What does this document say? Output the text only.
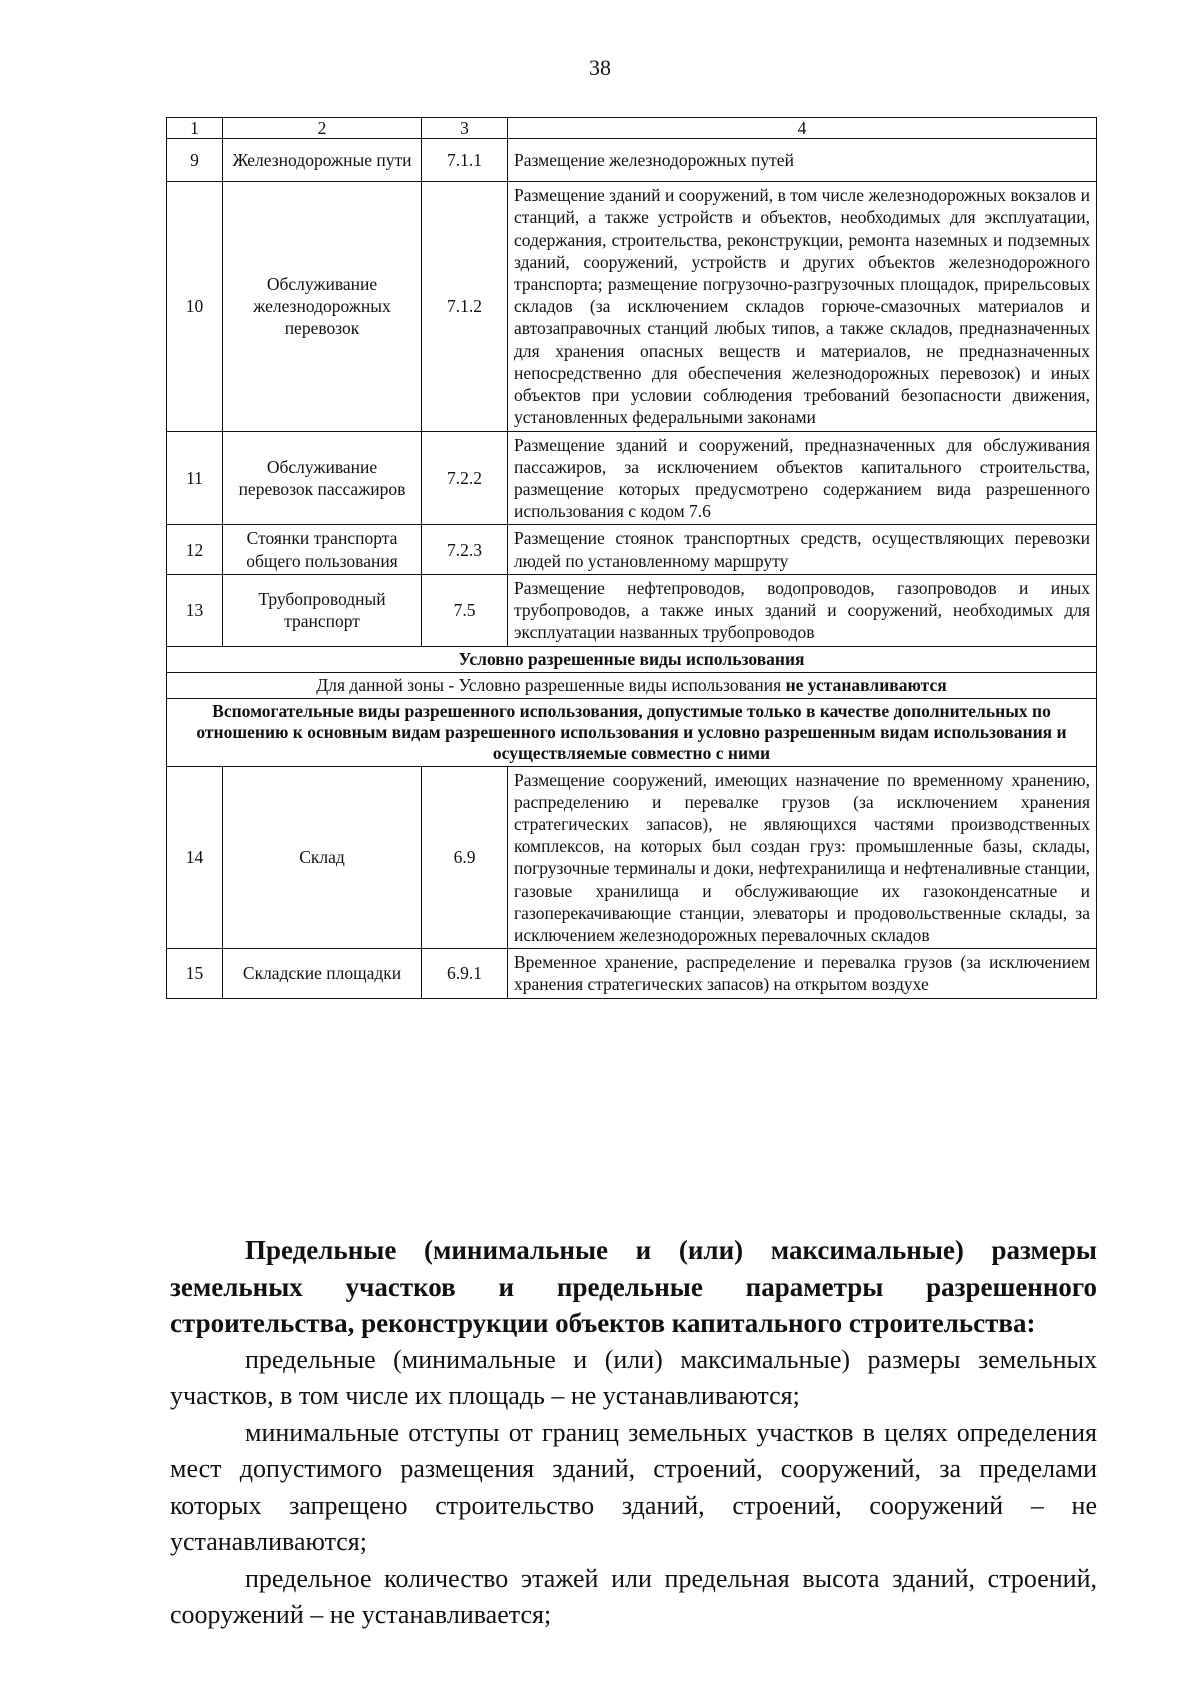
38
1	2	3	4
9	Железнодорожные пути	7.1.1	Размещение железнодорожных путей
10	Обслуживание железнодорожных перевозок	7.1.2	Размещение зданий и сооружений, в том числе железнодорожных вокзалов и станций, а также устройств и объектов, необходимых для эксплуатации, содержания, строительства, реконструкции, ремонта наземных и подземных зданий, сооружений, устройств и других объектов железнодорожного транспорта; размещение погрузочно-разгрузочных площадок, прирельсовых складов (за исключением складов горюче-смазочных материалов и автозаправочных станций любых типов, а также складов, предназначенных для хранения опасных веществ и материалов, не предназначенных непосредственно для обеспечения железнодорожных перевозок) и иных объектов при условии соблюдения требований безопасности движения, установленных федеральными законами
11	Обслуживание перевозок пассажиров	7.2.2	Размещение зданий и сооружений, предназначенных для обслуживания пассажиров, за исключением объектов капитального строительства, размещение которых предусмотрено содержанием вида разрешенного использования с кодом 7.6
12	Стоянки транспорта общего пользования	7.2.3	Размещение стоянок транспортных средств, осуществляющих перевозки людей по установленному маршруту
13	Трубопроводный транспорт	7.5	Размещение нефтепроводов, водопроводов, газопроводов и иных трубопроводов, а также иных зданий и сооружений, необходимых для эксплуатации названных трубопроводов
Условно разрешенные виды использования			
Для данной зоны - Условно разрешенные виды использования не устанавливаются			
Вспомогательные виды разрешенного использования, допустимые только в качестве дополнительных по отношению к основным видам разрешенного использования и условно разрешенным видам использования и осуществляемые совместно с ними			
14	Склад	6.9	Размещение сооружений, имеющих назначение по временному хранению, распределению и перевалке грузов (за исключением хранения стратегических запасов), не являющихся частями производственных комплексов, на которых был создан груз: промышленные базы, склады, погрузочные терминалы и доки, нефтехранилища и нефтеналивные станции, газовые хранилища и обслуживающие их газоконденсатные и газоперекачивающие станции, элеваторы и продовольственные склады, за исключением железнодорожных перевалочных складов
15	Складские площадки	6.9.1	Временное хранение, распределение и перевалка грузов (за исключением хранения стратегических запасов) на открытом воздухе

Предельные (минимальные и (или) максимальные) размеры земельных участков и предельные параметры разрешенного строительства, реконструкции объектов капитального строительства:

предельные (минимальные и (или) максимальные) размеры земельных участков, в том числе их площадь – не устанавливаются;

минимальные отступы от границ земельных участков в целях определения мест допустимого размещения зданий, строений, сооружений, за пределами которых запрещено строительство зданий, строений, сооружений – не устанавливаются;

предельное количество этажей или предельная высота зданий, строений, сооружений – не устанавливается;
